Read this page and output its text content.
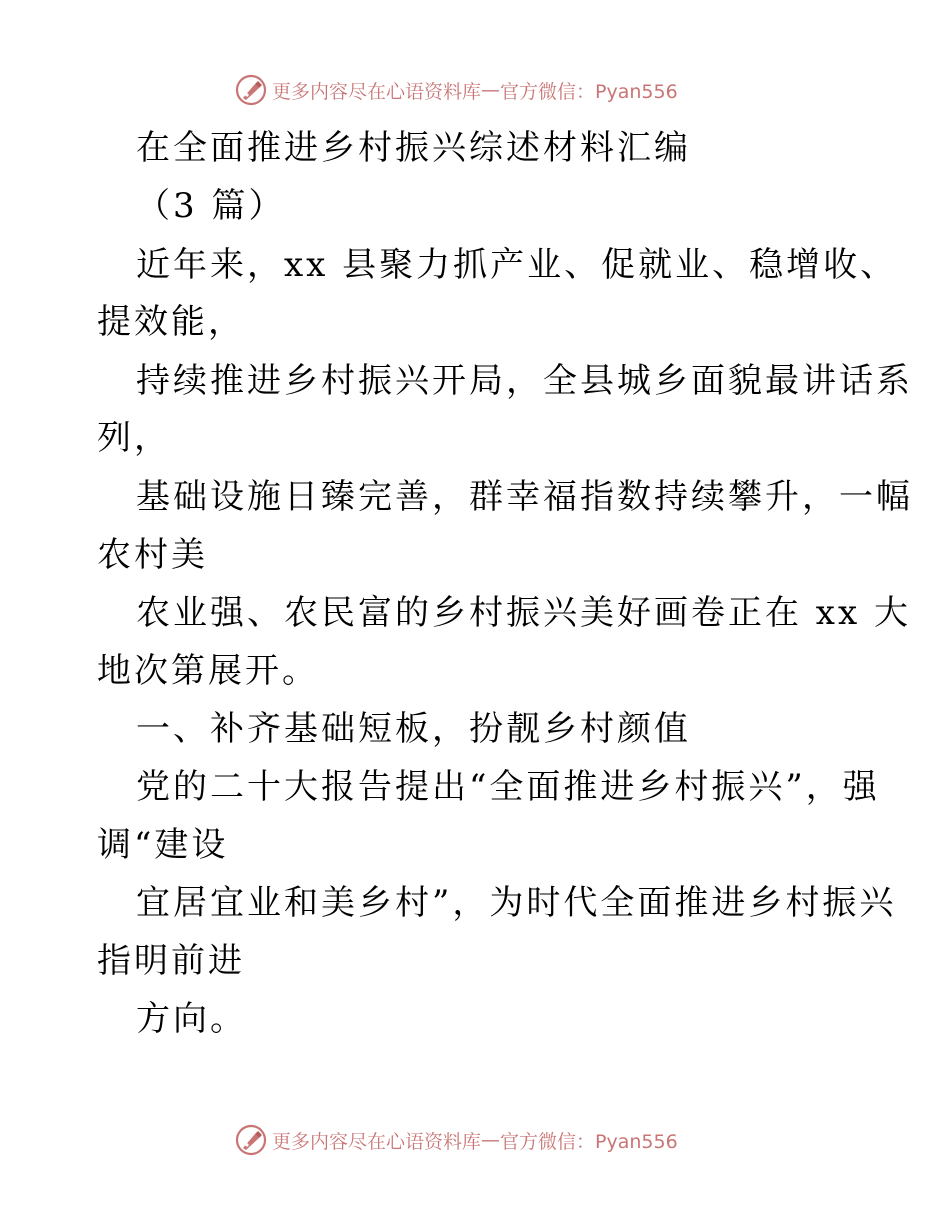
更多内容尽在心语资料库 — 官方微信：Pyan556
在全面推进乡村振兴综述材料汇编
（3 篇）
近年来，xx 县聚力抓产业、促就业、稳增收、
提效能，
持续推进乡村振兴开局，全县城乡面貌最讲话系
列，
基础设施日臻完善，群幸福指数持续攀升，一幅
农村美
农业强、农民富的乡村振兴美好画卷正在 xx 大
地次第展开。
一、补齐基础短板，扮靓乡村颜值
党的二十大报告提出“全面推进乡村振兴”，强
调“建设
宜居宜业和美乡村”，为时代全面推进乡村振兴
指明前进
方向。
更多内容尽在心语资料库 — 官方微信：Pyan556
